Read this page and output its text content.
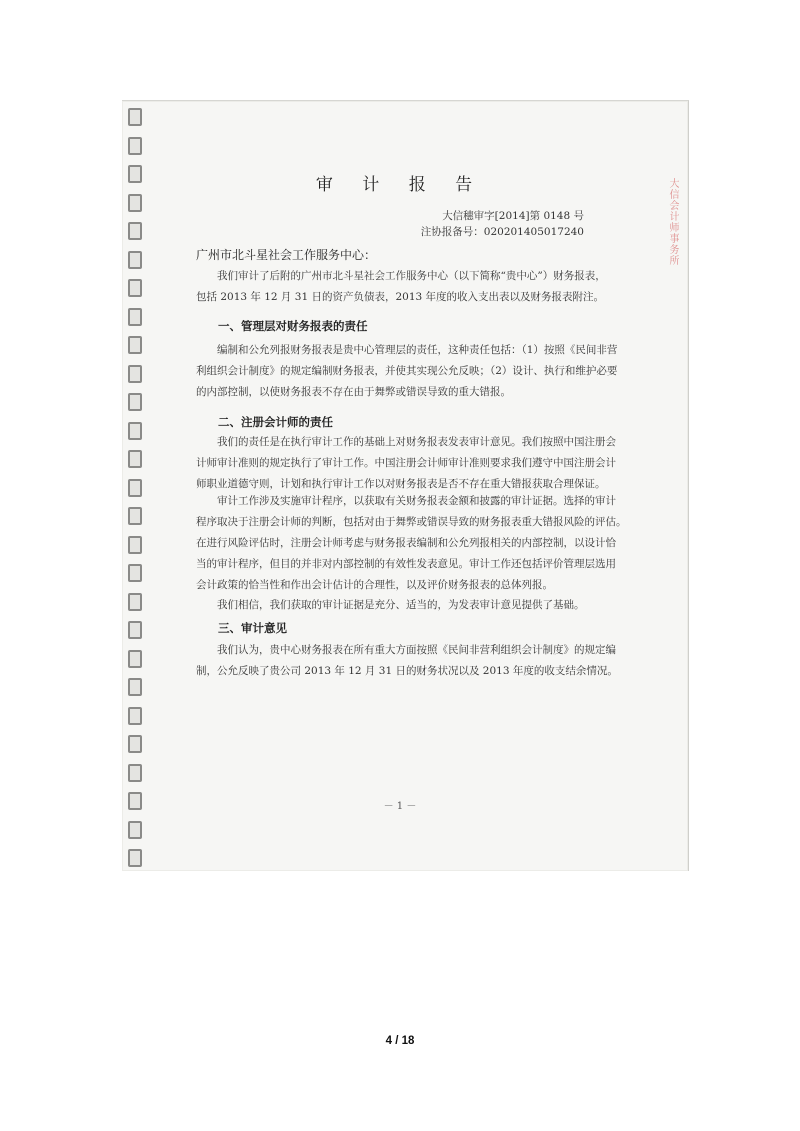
大信会计师事务所
审 计 报 告
大信穗审字[2014]第 0148 号
注协报备号：020201405017240
广州市北斗星社会工作服务中心：
我们审计了后附的广州市北斗星社会工作服务中心（以下简称“贵中心”）财务报表，
包括 2013 年 12 月 31 日的资产负债表，2013 年度的收入支出表以及财务报表附注。
一、管理层对财务报表的责任
编制和公允列报财务报表是贵中心管理层的责任，这种责任包括：（1）按照《民间非营
利组织会计制度》的规定编制财务报表，并使其实现公允反映；（2）设计、执行和维护必要
的内部控制，以使财务报表不存在由于舞弊或错误导致的重大错报。
二、注册会计师的责任
我们的责任是在执行审计工作的基础上对财务报表发表审计意见。我们按照中国注册会
计师审计准则的规定执行了审计工作。中国注册会计师审计准则要求我们遵守中国注册会计
师职业道德守则，计划和执行审计工作以对财务报表是否不存在重大错报获取合理保证。
审计工作涉及实施审计程序，以获取有关财务报表金额和披露的审计证据。选择的审计
程序取决于注册会计师的判断，包括对由于舞弊或错误导致的财务报表重大错报风险的评估。
在进行风险评估时，注册会计师考虑与财务报表编制和公允列报相关的内部控制，以设计恰
当的审计程序，但目的并非对内部控制的有效性发表意见。审计工作还包括评价管理层选用
会计政策的恰当性和作出会计估计的合理性，以及评价财务报表的总体列报。
我们相信，我们获取的审计证据是充分、适当的，为发表审计意见提供了基础。
三、审计意见
我们认为，贵中心财务报表在所有重大方面按照《民间非营利组织会计制度》的规定编
制，公允反映了贵公司 2013 年 12 月 31 日的财务状况以及 2013 年度的收支结余情况。
－ 1 －
4 / 18
